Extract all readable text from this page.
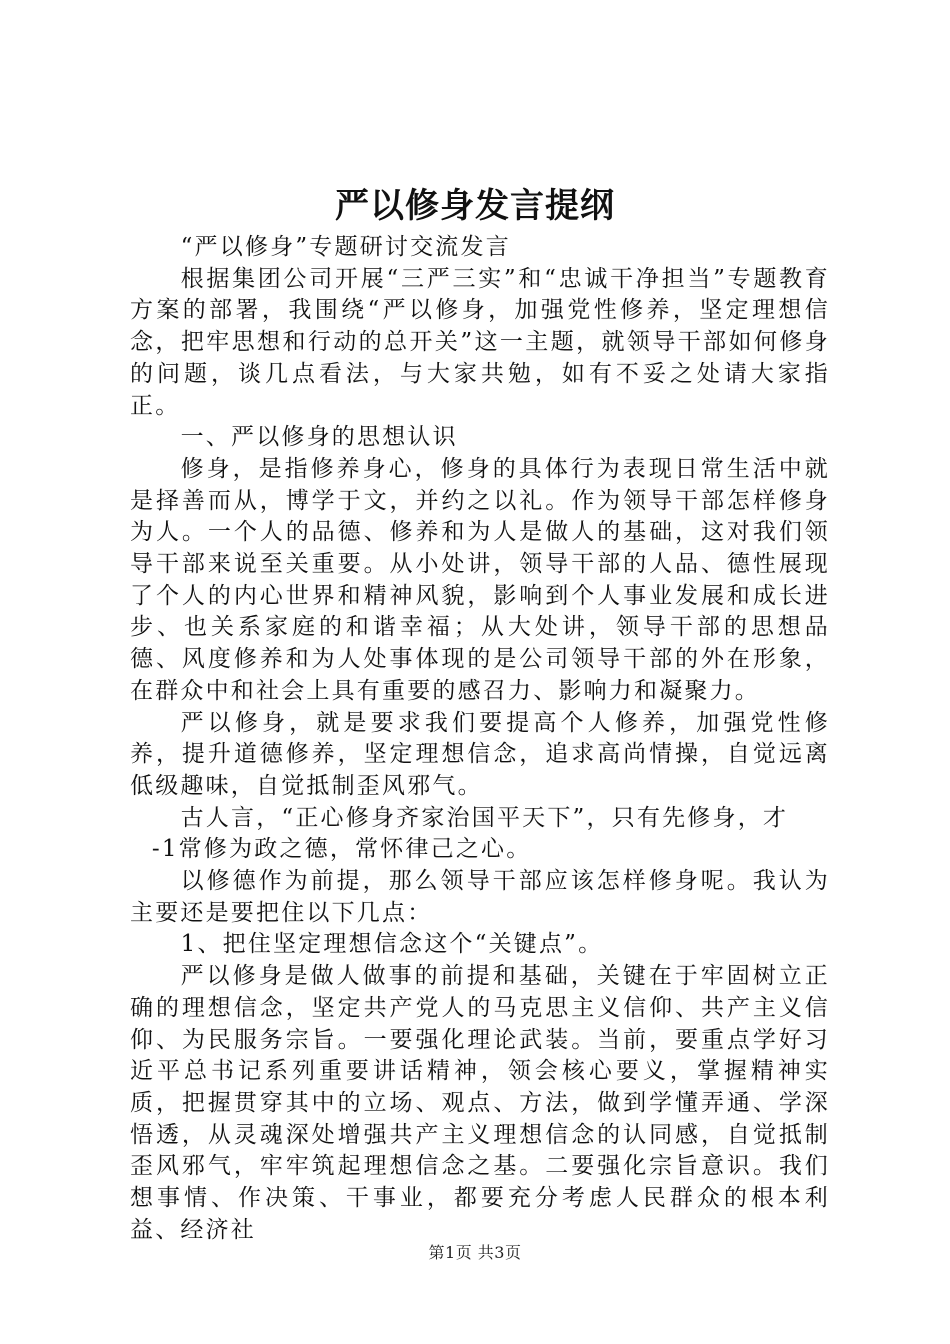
严以修身发言提纲

“严以修身”专题研讨交流发言

根据集团公司开展“三严三实”和“忠诚干净担当”专题教育方案的部署，我围绕“严以修身，加强党性修养，坚定理想信念，把牢思想和行动的总开关”这一主题，就领导干部如何修身的问题，谈几点看法，与大家共勉，如有不妥之处请大家指正。

一、严以修身的思想认识

修身，是指修养身心，修身的具体行为表现日常生活中就是择善而从，博学于文，并约之以礼。作为领导干部怎样修身为人。一个人的品德、修养和为人是做人的基础，这对我们领导干部来说至关重要。从小处讲，领导干部的人品、德性展现了个人的内心世界和精神风貌，影响到个人事业发展和成长进步、也关系家庭的和谐幸福；从大处讲，领导干部的思想品德、风度修养和为人处事体现的是公司领导干部的外在形象，在群众中和社会上具有重要的感召力、影响力和凝聚力。

严以修身，就是要求我们要提高个人修养，加强党性修养，提升道德修养，坚定理想信念，追求高尚情操，自觉远离低级趣味，自觉抵制歪风邪气。

古人言，“正心修身齐家治国平天下”，只有先修身，才

-1常修为政之德，常怀律己之心。

以修德作为前提，那么领导干部应该怎样修身呢。我认为主要还是要把住以下几点：

1、把住坚定理想信念这个“关键点”。

严以修身是做人做事的前提和基础，关键在于牢固树立正确的理想信念，坚定共产党人的马克思主义信仰、共产主义信仰、为民服务宗旨。一要强化理论武装。当前，要重点学好习近平总书记系列重要讲话精神，领会核心要义，掌握精神实质，把握贯穿其中的立场、观点、方法，做到学懂弄通、学深悟透，从灵魂深处增强共产主义理想信念的认同感，自觉抵制歪风邪气，牢牢筑起理想信念之基。二要强化宗旨意识。我们想事情、作决策、干事业，都要充分考虑人民群众的根本利益、经济社

第1页 共3页
